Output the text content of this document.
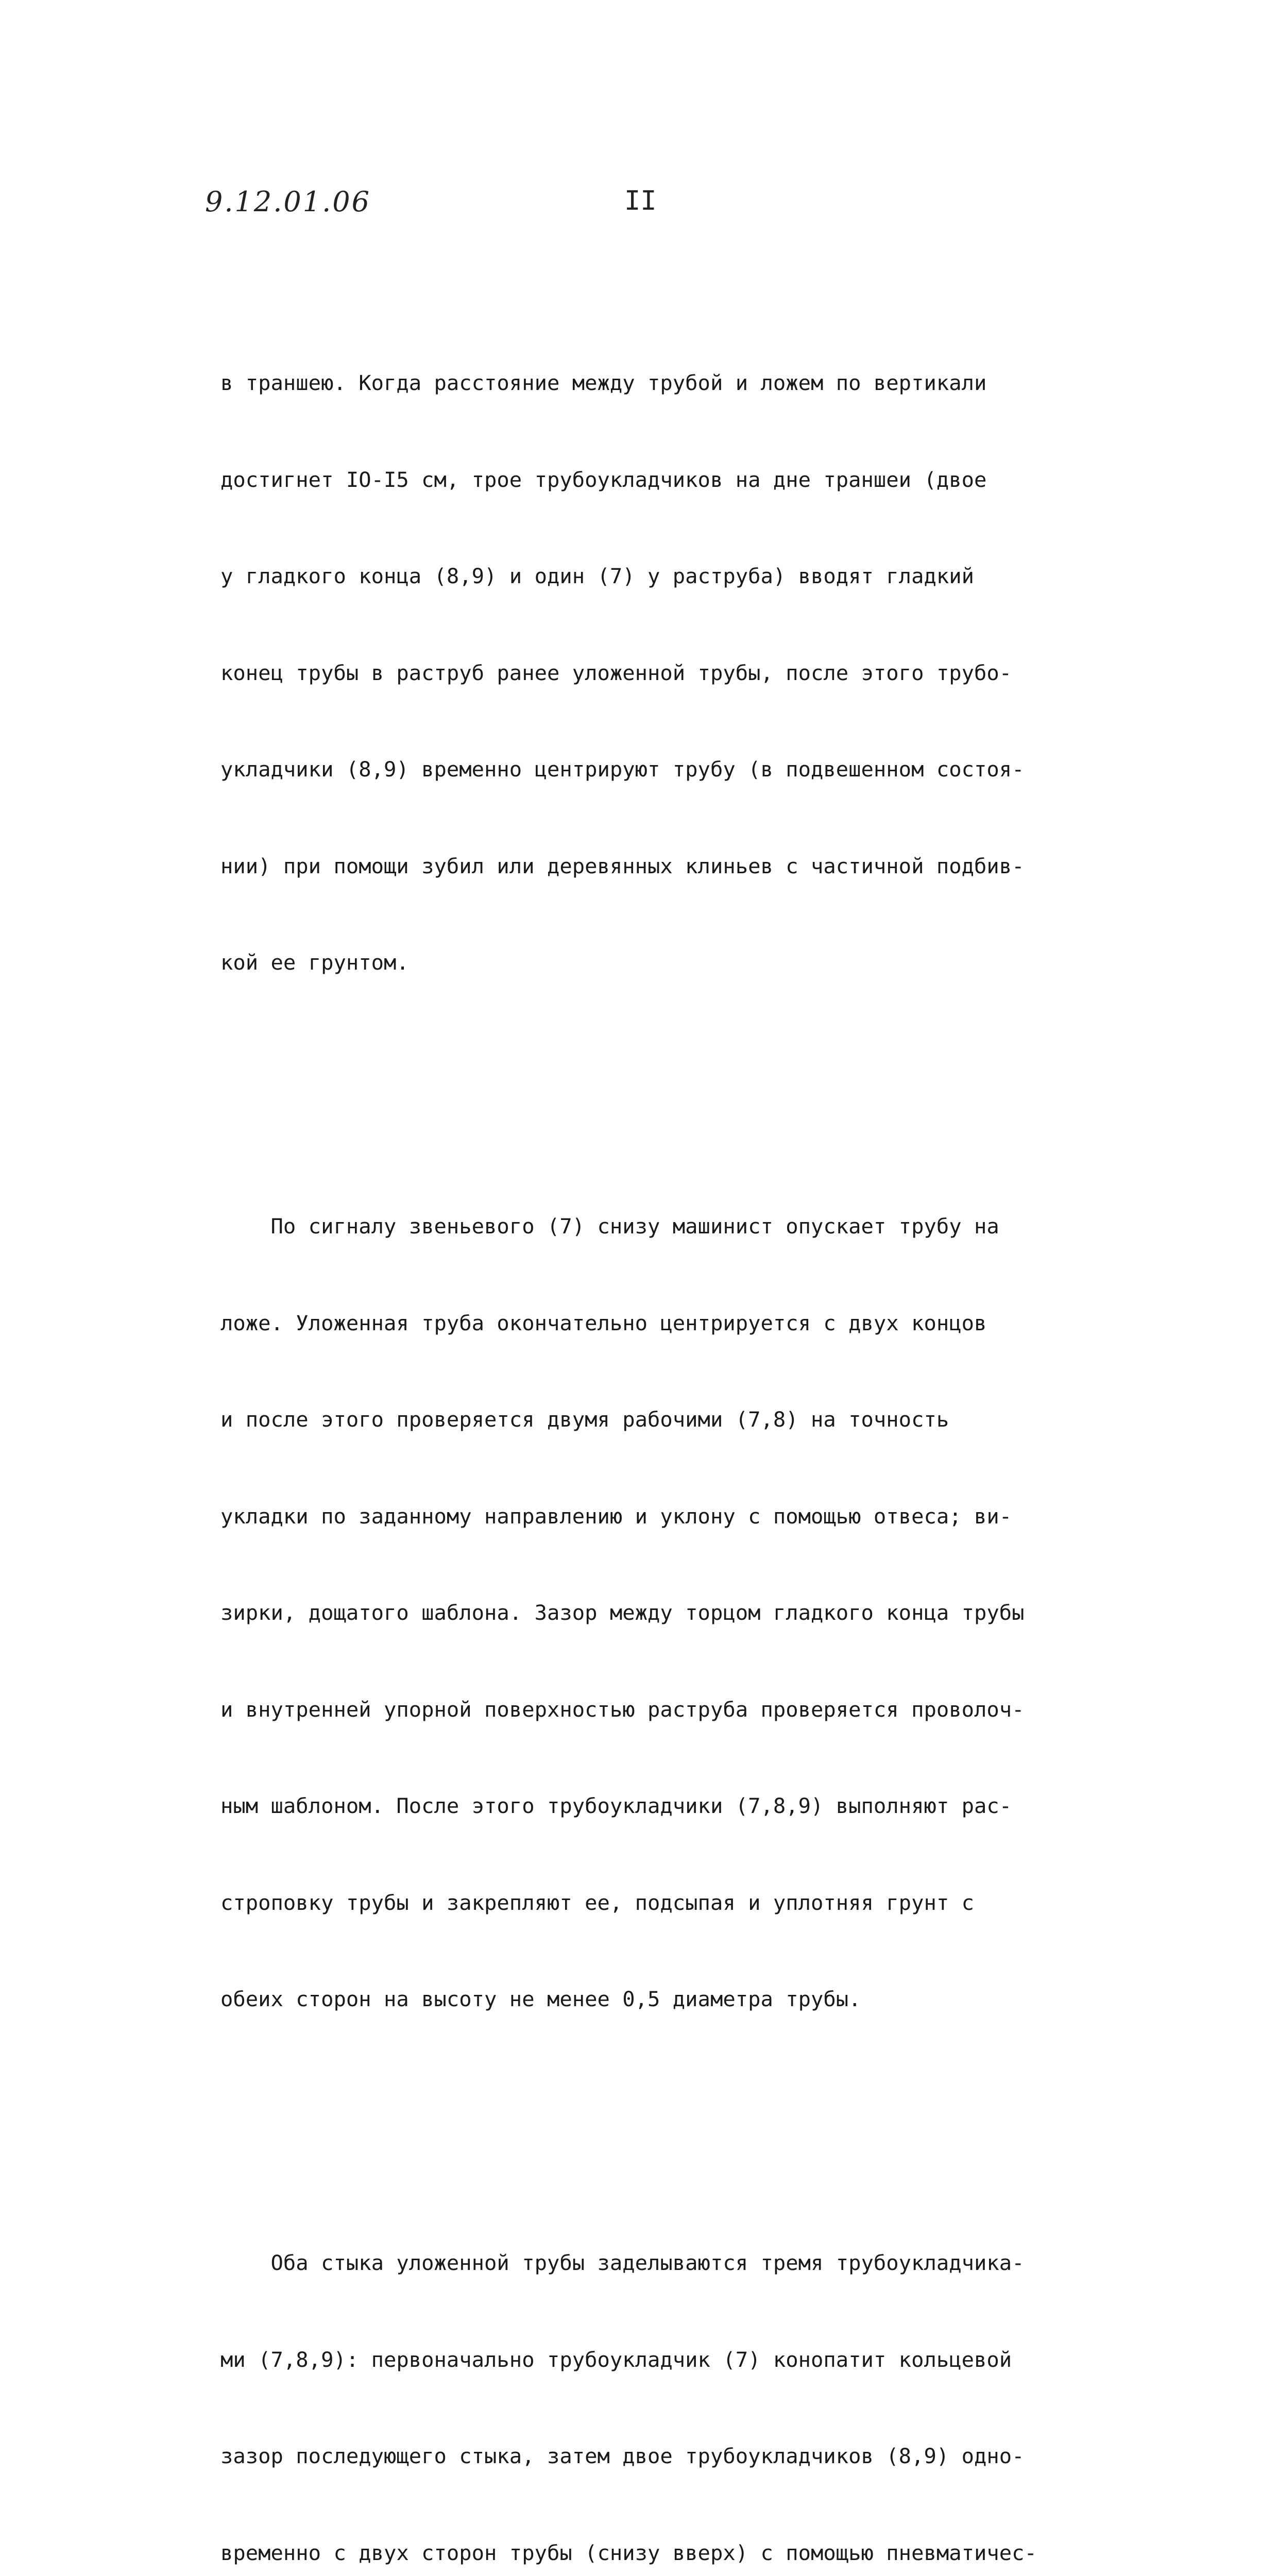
9.12.01.06	II

в траншею. Когда расстояние между трубой и ложем по вертикали

достигнет IO-I5 см, трое трубоукладчиков на дне траншеи (двое

у гладкого конца (8,9) и один (7) у раструба) вводят гладкий

конец трубы в раструб ранее уложенной трубы, после этого трубо-

укладчики (8,9) временно центрируют трубу (в подвешенном состоя-

нии) при помощи зубил или деревянных клиньев с частичной подбив-

кой ее грунтом.

По сигналу звеньевого (7) снизу машинист опускает трубу на

ложе. Уложенная труба окончательно центрируется с двух концов

и после этого проверяется двумя рабочими (7,8) на точность

укладки по заданному направлению и уклону с помощью отвеса; ви-

зирки, дощатого шаблона. Зазор между торцом гладкого конца трубы

и внутренней упорной поверхностью раструба проверяется проволоч-

ным шаблоном. После этого трубоукладчики (7,8,9) выполняют рас-

строповку трубы и закрепляют ее, подсыпая и уплотняя грунт с

обеих сторон на высоту не менее 0,5 диаметра трубы.

Оба стыка уложенной трубы заделываются тремя трубоукладчика-

ми (7,8,9): первоначально трубоукладчик (7) конопатит кольцевой

зазор последующего стыка, затем двое трубоукладчиков (8,9) одно-

временно с двух сторон трубы (снизу вверх) с помощью пневматичес-
